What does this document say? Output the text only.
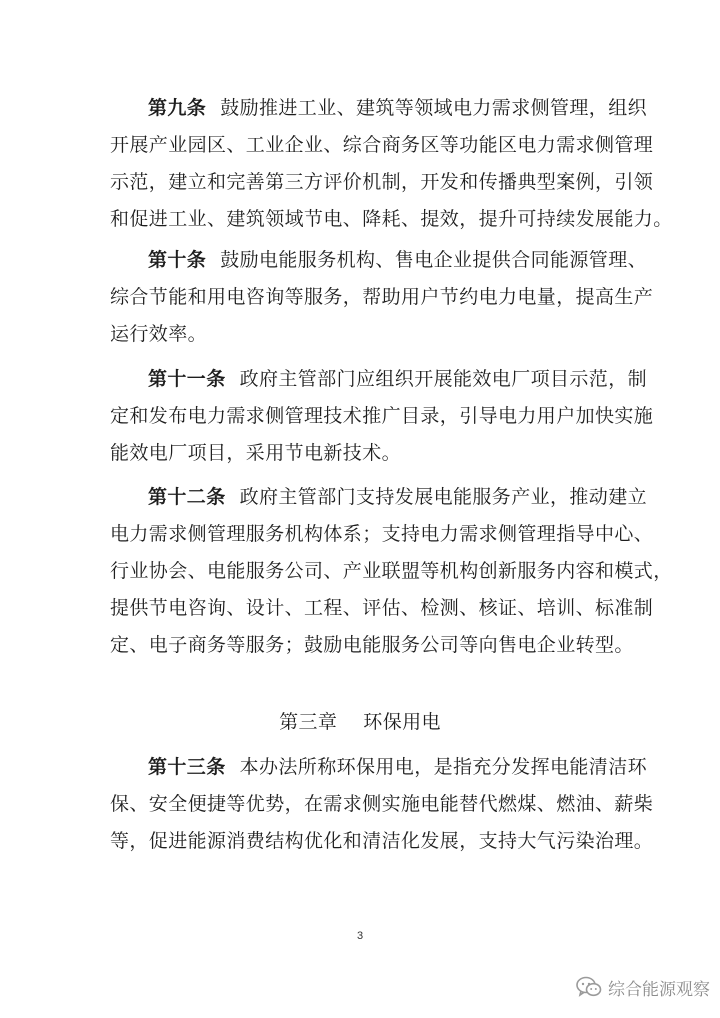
第九条 鼓励推进工业、建筑等领域电力需求侧管理，组织
开展产业园区、工业企业、综合商务区等功能区电力需求侧管理
示范，建立和完善第三方评价机制，开发和传播典型案例，引领
和促进工业、建筑领域节电、降耗、提效，提升可持续发展能力。
第十条 鼓励电能服务机构、售电企业提供合同能源管理、
综合节能和用电咨询等服务，帮助用户节约电力电量，提高生产
运行效率。
第十一条 政府主管部门应组织开展能效电厂项目示范，制
定和发布电力需求侧管理技术推广目录，引导电力用户加快实施
能效电厂项目，采用节电新技术。
第十二条 政府主管部门支持发展电能服务产业，推动建立
电力需求侧管理服务机构体系；支持电力需求侧管理指导中心、
行业协会、电能服务公司、产业联盟等机构创新服务内容和模式，
提供节电咨询、设计、工程、评估、检测、核证、培训、标准制
定、电子商务等服务；鼓励电能服务公司等向售电企业转型。
第三章 环保用电
第十三条 本办法所称环保用电，是指充分发挥电能清洁环
保、安全便捷等优势，在需求侧实施电能替代燃煤、燃油、薪柴
等，促进能源消费结构优化和清洁化发展，支持大气污染治理。
3
综合能源观察
